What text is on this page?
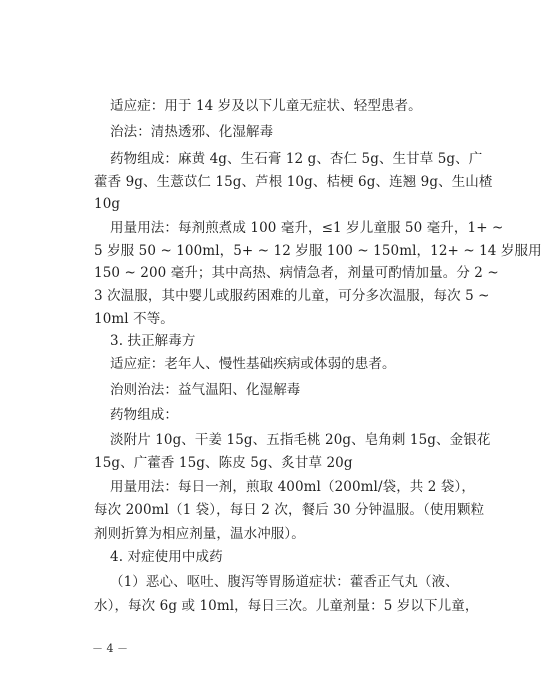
适应症：用于 14 岁及以下儿童无症状、轻型患者。
治法：清热透邪、化湿解毒
药物组成：麻黄 4g、生石膏 12 g、杏仁 5g、生甘草 5g、广
藿香 9g、生薏苡仁 15g、芦根 10g、桔梗 6g、连翘 9g、生山楂
10g
用量用法：每剂煎煮成 100 毫升，≤1 岁儿童服 50 毫升，1+ ~
5 岁服 50 ~ 100ml，5+ ~ 12 岁服 100 ~ 150ml，12+ ~ 14 岁服用
150 ~ 200 毫升；其中高热、病情急者，剂量可酌情加量。分 2 ~
3 次温服，其中婴儿或服药困难的儿童，可分多次温服，每次 5 ~
10ml 不等。
3. 扶正解毒方
适应症：老年人、慢性基础疾病或体弱的患者。
治则治法：益气温阳、化湿解毒
药物组成：
淡附片 10g、干姜 15g、五指毛桃 20g、皂角刺 15g、金银花
15g、广藿香 15g、陈皮 5g、炙甘草 20g
用量用法：每日一剂，煎取 400ml（200ml/袋，共 2 袋），
每次 200ml（1 袋），每日 2 次，餐后 30 分钟温服。（使用颗粒
剂则折算为相应剂量，温水冲服）。
4. 对症使用中成药
（1）恶心、呕吐、腹泻等胃肠道症状：藿香正气丸（液、
水），每次 6g 或 10ml，每日三次。儿童剂量：5 岁以下儿童，
－ 4 －
